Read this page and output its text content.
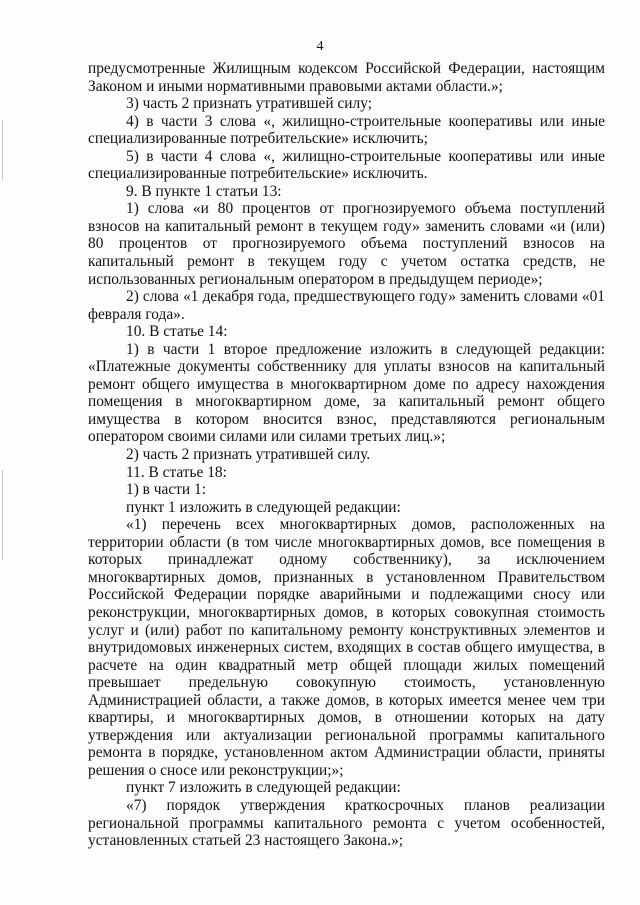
4

предусмотренные Жилищным кодексом Российской Федерации, настоящим Законом и иными нормативными правовыми актами области.»;

3) часть 2 признать утратившей силу;

4) в части 3 слова «, жилищно-строительные кооперативы или иные специализированные потребительские» исключить;

5) в части 4 слова «, жилищно-строительные кооперативы или иные специализированные потребительские» исключить.

9. В пункте 1 статьи 13:

1) слова «и 80 процентов от прогнозируемого объема поступлений взносов на капитальный ремонт в текущем году» заменить словами «и (или) 80 процентов от прогнозируемого объема поступлений взносов на капитальный ремонт в текущем году с учетом остатка средств, не использованных региональным оператором в предыдущем периоде»;

2) слова «1 декабря года, предшествующего году» заменить словами «01 февраля года».

10. В статье 14:

1) в части 1 второе предложение изложить в следующей редакции: «Платежные документы собственнику для уплаты взносов на капитальный ремонт общего имущества в многоквартирном доме по адресу нахождения помещения в многоквартирном доме, за капитальный ремонт общего имущества в котором вносится взнос, представляются региональным оператором своими силами или силами третьих лиц.»;

2) часть 2 признать утратившей силу.

11. В статье 18:

1) в части 1:

пункт 1 изложить в следующей редакции:

«1) перечень всех многоквартирных домов, расположенных на территории области (в том числе многоквартирных домов, все помещения в которых принадлежат одному собственнику), за исключением многоквартирных домов, признанных в установленном Правительством Российской Федерации порядке аварийными и подлежащими сносу или реконструкции, многоквартирных домов, в которых совокупная стоимость услуг и (или) работ по капитальному ремонту конструктивных элементов и внутридомовых инженерных систем, входящих в состав общего имущества, в расчете на один квадратный метр общей площади жилых помещений превышает предельную совокупную стоимость, установленную Администрацией области, а также домов, в которых имеется менее чем три квартиры, и многоквартирных домов, в отношении которых на дату утверждения или актуализации региональной программы капитального ремонта в порядке, установленном актом Администрации области, приняты решения о сносе или реконструкции;»;

пункт 7 изложить в следующей редакции:

«7) порядок утверждения краткосрочных планов реализации региональной программы капитального ремонта с учетом особенностей, установленных статьей 23 настоящего Закона.»;
